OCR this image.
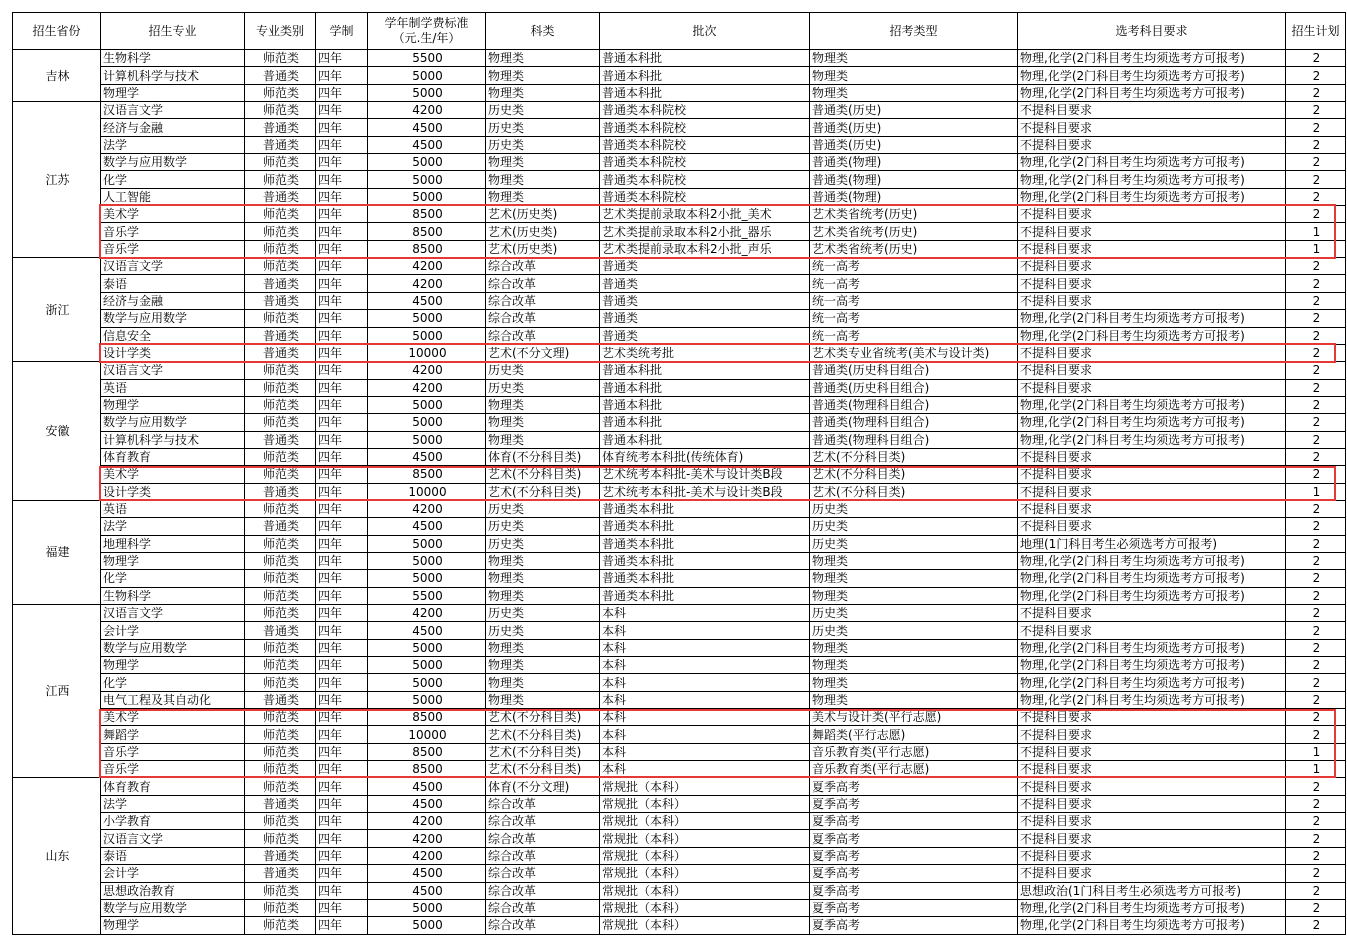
招生省份	招生专业	专业类别	学制	学年制学费标准
（元.生/年）	科类	批次	招考类型	选考科目要求	招生计划
吉林	生物科学	师范类	四年	5500	物理类	普通本科批	物理类	物理,化学(2门科目考生均须选考方可报考)	2
	计算机科学与技术	普通类	四年	5000	物理类	普通本科批	物理类	物理,化学(2门科目考生均须选考方可报考)	2
	物理学	师范类	四年	5000	物理类	普通本科批	物理类	物理,化学(2门科目考生均须选考方可报考)	2
江苏	汉语言文学	师范类	四年	4200	历史类	普通类本科院校	普通类(历史)	不提科目要求	2
	经济与金融	普通类	四年	4500	历史类	普通类本科院校	普通类(历史)	不提科目要求	2
	法学	普通类	四年	4500	历史类	普通类本科院校	普通类(历史)	不提科目要求	2
	数学与应用数学	师范类	四年	5000	物理类	普通类本科院校	普通类(物理)	物理,化学(2门科目考生均须选考方可报考)	2
	化学	师范类	四年	5000	物理类	普通类本科院校	普通类(物理)	物理,化学(2门科目考生均须选考方可报考)	2
	人工智能	普通类	四年	5000	物理类	普通类本科院校	普通类(物理)	物理,化学(2门科目考生均须选考方可报考)	2
	美术学	师范类	四年	8500	艺术(历史类)	艺术类提前录取本科2小批_美术	艺术类省统考(历史)	不提科目要求	2
	音乐学	师范类	四年	8500	艺术(历史类)	艺术类提前录取本科2小批_器乐	艺术类省统考(历史)	不提科目要求	1
	音乐学	师范类	四年	8500	艺术(历史类)	艺术类提前录取本科2小批_声乐	艺术类省统考(历史)	不提科目要求	1
浙江	汉语言文学	师范类	四年	4200	综合改革	普通类	统一高考	不提科目要求	2
	泰语	普通类	四年	4200	综合改革	普通类	统一高考	不提科目要求	2
	经济与金融	普通类	四年	4500	综合改革	普通类	统一高考	不提科目要求	2
	数学与应用数学	师范类	四年	5000	综合改革	普通类	统一高考	物理,化学(2门科目考生均须选考方可报考)	2
	信息安全	普通类	四年	5000	综合改革	普通类	统一高考	物理,化学(2门科目考生均须选考方可报考)	2
	设计学类	普通类	四年	10000	艺术(不分文理)	艺术类统考批	艺术类专业省统考(美术与设计类)	不提科目要求	2
安徽	汉语言文学	师范类	四年	4200	历史类	普通本科批	普通类(历史科目组合)	不提科目要求	2
	英语	师范类	四年	4200	历史类	普通本科批	普通类(历史科目组合)	不提科目要求	2
	物理学	师范类	四年	5000	物理类	普通本科批	普通类(物理科目组合)	物理,化学(2门科目考生均须选考方可报考)	2
	数学与应用数学	师范类	四年	5000	物理类	普通本科批	普通类(物理科目组合)	物理,化学(2门科目考生均须选考方可报考)	2
	计算机科学与技术	普通类	四年	5000	物理类	普通本科批	普通类(物理科目组合)	物理,化学(2门科目考生均须选考方可报考)	2
	体育教育	师范类	四年	4500	体育(不分科目类)	体育统考本科批(传统体育)	艺术(不分科目类)	不提科目要求	2
	美术学	师范类	四年	8500	艺术(不分科目类)	艺术统考本科批-美术与设计类B段	艺术(不分科目类)	不提科目要求	2
	设计学类	普通类	四年	10000	艺术(不分科目类)	艺术统考本科批-美术与设计类B段	艺术(不分科目类)	不提科目要求	1
福建	英语	师范类	四年	4200	历史类	普通类本科批	历史类	不提科目要求	2
	法学	普通类	四年	4500	历史类	普通类本科批	历史类	不提科目要求	2
	地理科学	师范类	四年	5000	历史类	普通类本科批	历史类	地理(1门科目考生必须选考方可报考)	2
	物理学	师范类	四年	5000	物理类	普通类本科批	物理类	物理,化学(2门科目考生均须选考方可报考)	2
	化学	师范类	四年	5000	物理类	普通类本科批	物理类	物理,化学(2门科目考生均须选考方可报考)	2
	生物科学	师范类	四年	5500	物理类	普通类本科批	物理类	物理,化学(2门科目考生均须选考方可报考)	2
江西	汉语言文学	师范类	四年	4200	历史类	本科	历史类	不提科目要求	2
	会计学	普通类	四年	4500	历史类	本科	历史类	不提科目要求	2
	数学与应用数学	师范类	四年	5000	物理类	本科	物理类	物理,化学(2门科目考生均须选考方可报考)	2
	物理学	师范类	四年	5000	物理类	本科	物理类	物理,化学(2门科目考生均须选考方可报考)	2
	化学	师范类	四年	5000	物理类	本科	物理类	物理,化学(2门科目考生均须选考方可报考)	2
	电气工程及其自动化	普通类	四年	5000	物理类	本科	物理类	物理,化学(2门科目考生均须选考方可报考)	2
	美术学	师范类	四年	8500	艺术(不分科目类)	本科	美术与设计类(平行志愿)	不提科目要求	2
	舞蹈学	师范类	四年	10000	艺术(不分科目类)	本科	舞蹈类(平行志愿)	不提科目要求	2
	音乐学	师范类	四年	8500	艺术(不分科目类)	本科	音乐教育类(平行志愿)	不提科目要求	1
	音乐学	师范类	四年	8500	艺术(不分科目类)	本科	音乐教育类(平行志愿)	不提科目要求	1
山东	体育教育	师范类	四年	4500	体育(不分文理)	常规批（本科）	夏季高考	不提科目要求	2
	法学	普通类	四年	4500	综合改革	常规批（本科）	夏季高考	不提科目要求	2
	小学教育	师范类	四年	4200	综合改革	常规批（本科）	夏季高考	不提科目要求	2
	汉语言文学	师范类	四年	4200	综合改革	常规批（本科）	夏季高考	不提科目要求	2
	泰语	普通类	四年	4200	综合改革	常规批（本科）	夏季高考	不提科目要求	2
	会计学	普通类	四年	4500	综合改革	常规批（本科）	夏季高考	不提科目要求	2
	思想政治教育	师范类	四年	4500	综合改革	常规批（本科）	夏季高考	思想政治(1门科目考生必须选考方可报考)	2
	数学与应用数学	师范类	四年	5000	综合改革	常规批（本科）	夏季高考	物理,化学(2门科目考生均须选考方可报考)	2
	物理学	师范类	四年	5000	综合改革	常规批（本科）	夏季高考	物理,化学(2门科目考生均须选考方可报考)	2
